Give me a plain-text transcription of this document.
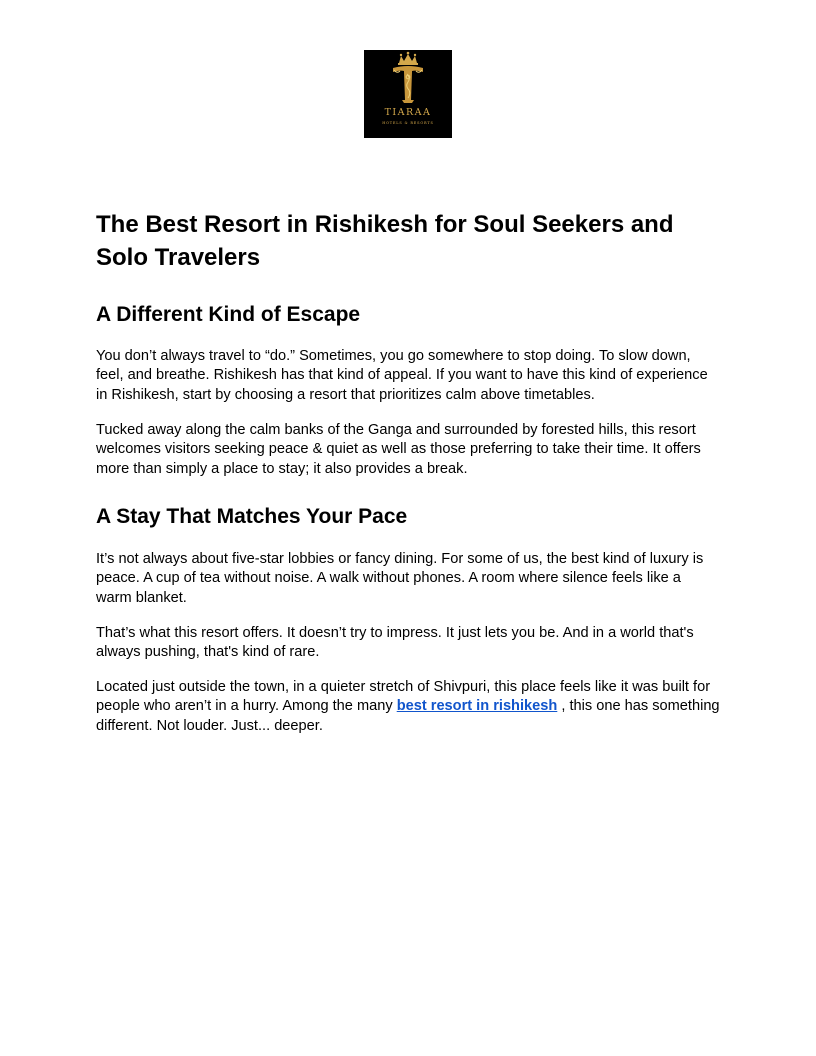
TIARAA
HOTELS & RESORTS
The Best Resort in Rishikesh for Soul Seekers and Solo Travelers
A Different Kind of Escape

You don’t always travel to “do.” Sometimes, you go somewhere to stop doing. To slow down, feel, and breathe. Rishikesh has that kind of appeal. If you want to have this kind of experience in Rishikesh, start by choosing a resort that prioritizes calm above timetables.

Tucked away along the calm banks of the Ganga and surrounded by forested hills, this resort welcomes visitors seeking peace & quiet as well as those preferring to take their time. It offers more than simply a place to stay; it also provides a break.

A Stay That Matches Your Pace

It’s not always about five-star lobbies or fancy dining. For some of us, the best kind of luxury is peace. A cup of tea without noise. A walk without phones. A room where silence feels like a warm blanket.

That’s what this resort offers. It doesn’t try to impress. It just lets you be. And in a world that's always pushing, that's kind of rare.

Located just outside the town, in a quieter stretch of Shivpuri, this place feels like it was built for people who aren’t in a hurry. Among the many best resort in rishikesh , this one has something different. Not louder. Just... deeper.
